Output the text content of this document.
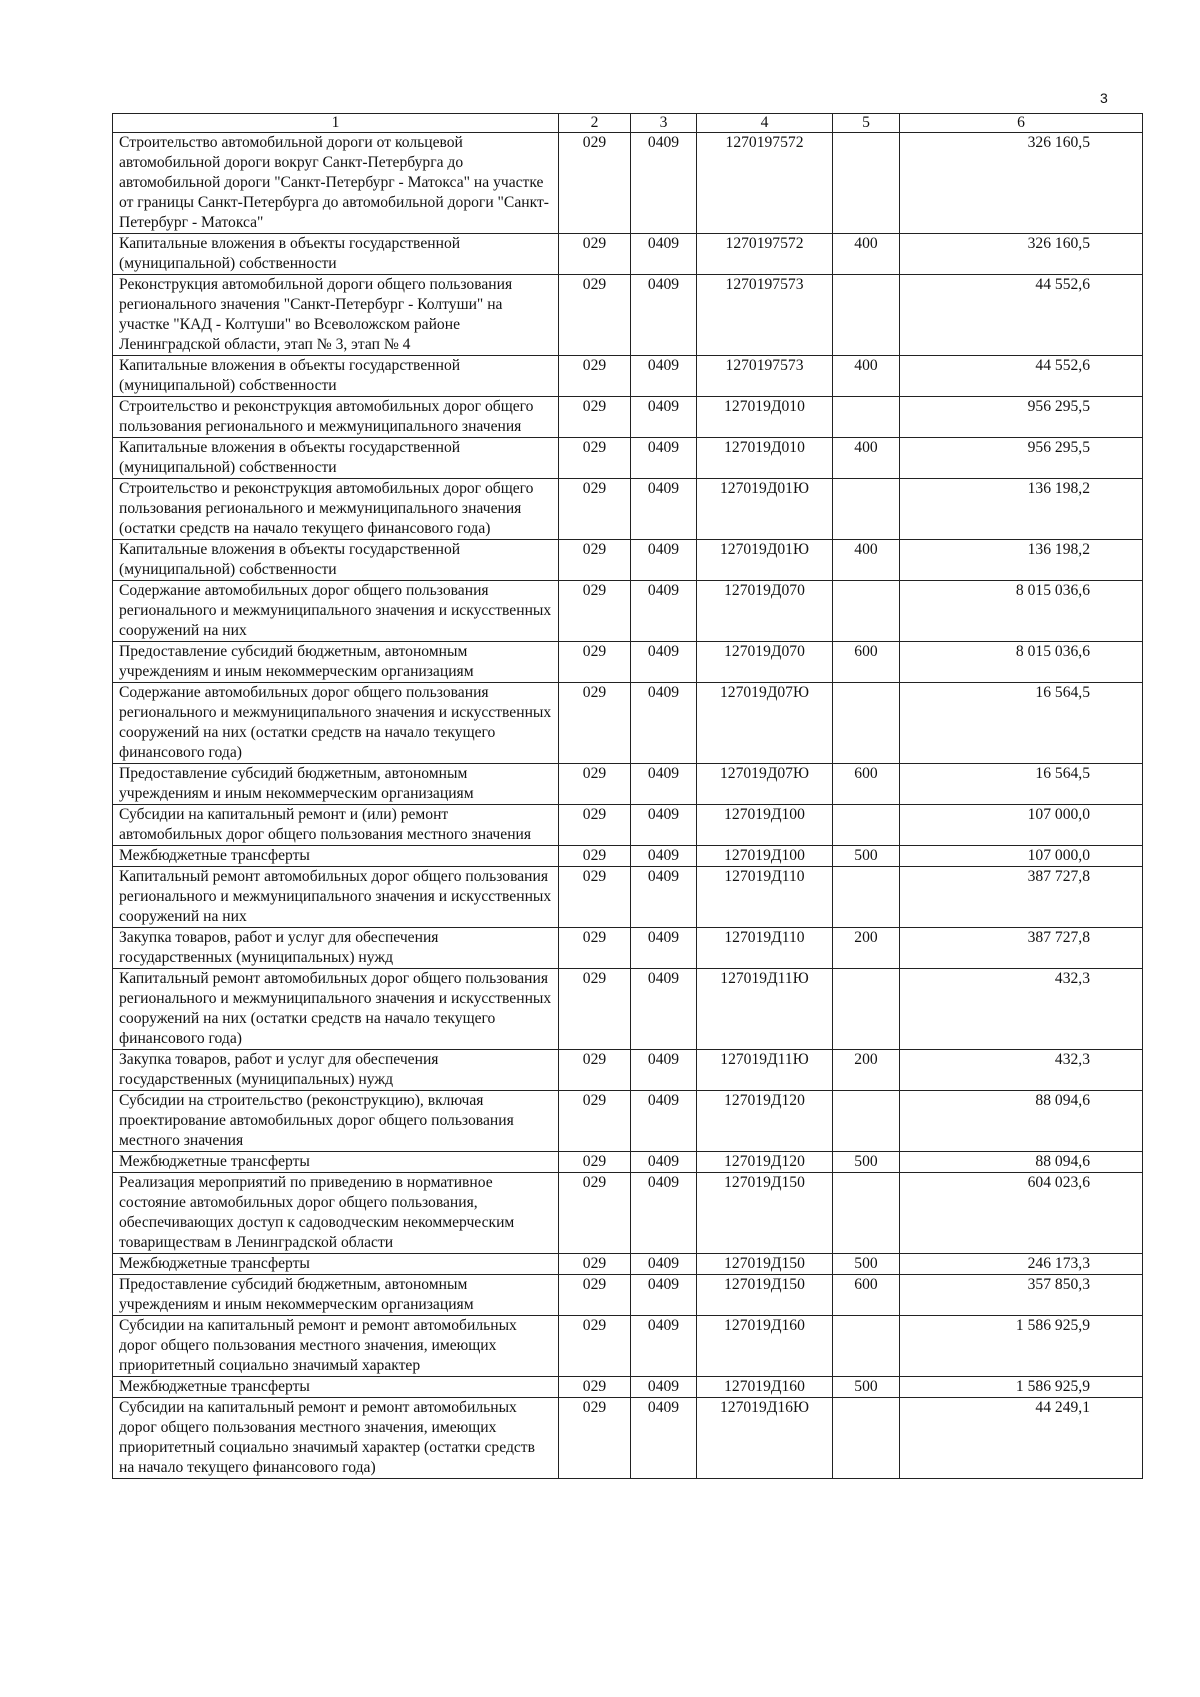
3
1	2	3	4	5	6
Строительство автомобильной дороги от кольцевой автомобильной дороги вокруг Санкт-Петербурга до автомобильной дороги "Санкт-Петербург - Матокса" на участке от границы Санкт-Петербурга до автомобильной дороги "Санкт-Петербург - Матокса"	029	0409	1270197572		326 160,5
Капитальные вложения в объекты государственной (муниципальной) собственности	029	0409	1270197572	400	326 160,5
Реконструкция автомобильной дороги общего пользования регионального значения "Санкт-Петербург - Колтуши" на участке "КАД - Колтуши" во Всеволожском районе Ленинградской области, этап № 3, этап № 4	029	0409	1270197573		44 552,6
Капитальные вложения в объекты государственной (муниципальной) собственности	029	0409	1270197573	400	44 552,6
Строительство и реконструкция автомобильных дорог общего пользования регионального и межмуниципального значения	029	0409	127019Д010		956 295,5
Капитальные вложения в объекты государственной (муниципальной) собственности	029	0409	127019Д010	400	956 295,5
Строительство и реконструкция автомобильных дорог общего пользования регионального и межмуниципального значения (остатки средств на начало текущего финансового года)	029	0409	127019Д01Ю		136 198,2
Капитальные вложения в объекты государственной (муниципальной) собственности	029	0409	127019Д01Ю	400	136 198,2
Содержание автомобильных дорог общего пользования регионального и межмуниципального значения и искусственных сооружений на них	029	0409	127019Д070		8 015 036,6
Предоставление субсидий бюджетным, автономным учреждениям и иным некоммерческим организациям	029	0409	127019Д070	600	8 015 036,6
Содержание автомобильных дорог общего пользования регионального и межмуниципального значения и искусственных сооружений на них (остатки средств на начало текущего финансового года)	029	0409	127019Д07Ю		16 564,5
Предоставление субсидий бюджетным, автономным учреждениям и иным некоммерческим организациям	029	0409	127019Д07Ю	600	16 564,5
Субсидии на капитальный ремонт и (или) ремонт автомобильных дорог общего пользования местного значения	029	0409	127019Д100		107 000,0
Межбюджетные трансферты	029	0409	127019Д100	500	107 000,0
Капитальный ремонт автомобильных дорог общего пользования регионального и межмуниципального значения и искусственных сооружений на них	029	0409	127019Д110		387 727,8
Закупка товаров, работ и услуг для обеспечения государственных (муниципальных) нужд	029	0409	127019Д110	200	387 727,8
Капитальный ремонт автомобильных дорог общего пользования регионального и межмуниципального значения и искусственных сооружений на них (остатки средств на начало текущего финансового года)	029	0409	127019Д11Ю		432,3
Закупка товаров, работ и услуг для обеспечения государственных (муниципальных) нужд	029	0409	127019Д11Ю	200	432,3
Субсидии на строительство (реконструкцию), включая проектирование автомобильных дорог общего пользования местного значения	029	0409	127019Д120		88 094,6
Межбюджетные трансферты	029	0409	127019Д120	500	88 094,6
Реализация мероприятий по приведению в нормативное состояние автомобильных дорог общего пользования, обеспечивающих доступ к садоводческим некоммерческим товариществам в Ленинградской области	029	0409	127019Д150		604 023,6
Межбюджетные трансферты	029	0409	127019Д150	500	246 173,3
Предоставление субсидий бюджетным, автономным учреждениям и иным некоммерческим организациям	029	0409	127019Д150	600	357 850,3
Субсидии на капитальный ремонт и ремонт автомобильных дорог общего пользования местного значения, имеющих приоритетный социально значимый характер	029	0409	127019Д160		1 586 925,9
Межбюджетные трансферты	029	0409	127019Д160	500	1 586 925,9
Субсидии на капитальный ремонт и ремонт автомобильных дорог общего пользования местного значения, имеющих приоритетный социально значимый характер (остатки средств на начало текущего финансового года)	029	0409	127019Д16Ю		44 249,1
